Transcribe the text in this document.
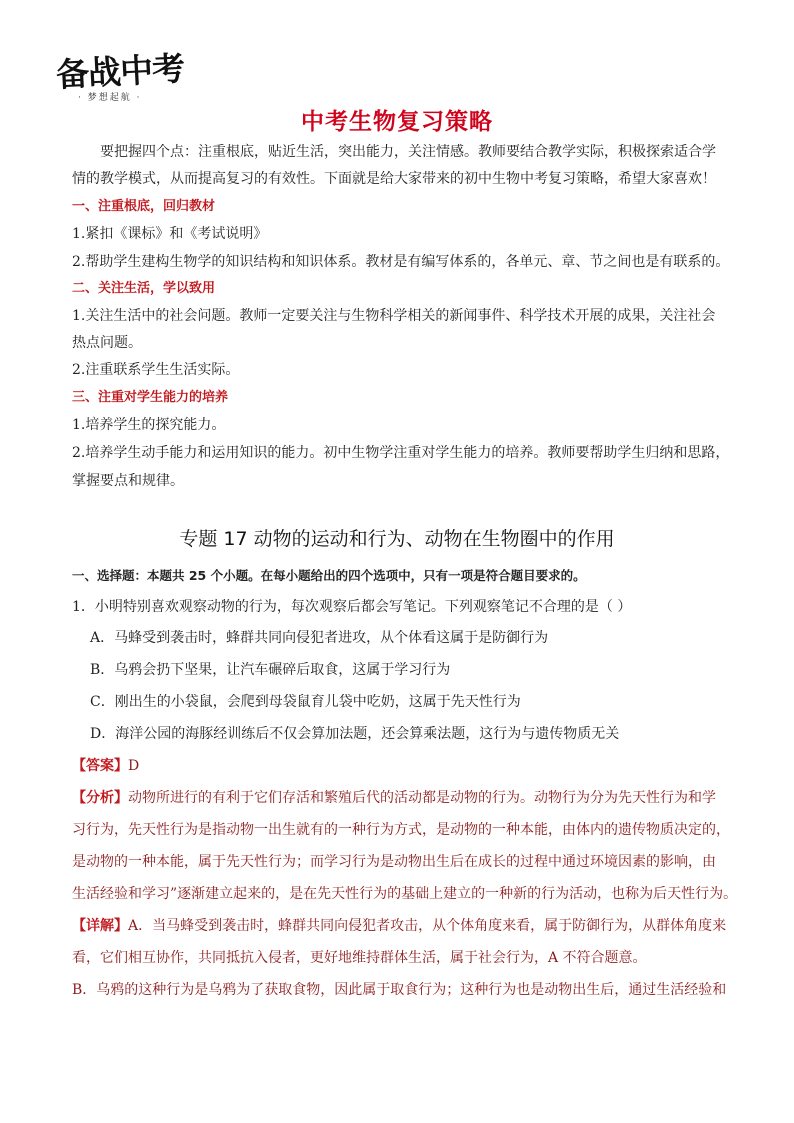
备战中考
· 梦想起航 ·
中考生物复习策略
要把握四个点：注重根底，贴近生活，突出能力，关注情感。教师要结合教学实际，积极探索适合学
情的教学模式，从而提高复习的有效性。下面就是给大家带来的初中生物中考复习策略，希望大家喜欢！
一、注重根底，回归教材
1.紧扣《课标》和《考试说明》
2.帮助学生建构生物学的知识结构和知识体系。教材是有编写体系的，各单元、章、节之间也是有联系的。
二、关注生活，学以致用
1.关注生活中的社会问题。教师一定要关注与生物科学相关的新闻事件、科学技术开展的成果，关注社会
热点问题。
2.注重联系学生生活实际。
三、注重对学生能力的培养
1.培养学生的探究能力。
2.培养学生动手能力和运用知识的能力。初中生物学注重对学生能力的培养。教师要帮助学生归纳和思路，
掌握要点和规律。
专题 17 动物的运动和行为、动物在生物圈中的作用
一、选择题：本题共 25 个小题。在每小题给出的四个选项中，只有一项是符合题目要求的。
1．小明特别喜欢观察动物的行为，每次观察后都会写笔记。下列观察笔记不合理的是（ ）
A．马蜂受到袭击时，蜂群共同向侵犯者进攻，从个体看这属于是防御行为
B．乌鸦会扔下坚果，让汽车碾碎后取食，这属于学习行为
C．刚出生的小袋鼠，会爬到母袋鼠育儿袋中吃奶，这属于先天性行为
D．海洋公园的海豚经训练后不仅会算加法题，还会算乘法题，这行为与遗传物质无关
【答案】D
【分析】动物所进行的有利于它们存活和繁殖后代的活动都是动物的行为。动物行为分为先天性行为和学
习行为，先天性行为是指动物一出生就有的一种行为方式，是动物的一种本能，由体内的遗传物质决定的，
是动物的一种本能，属于先天性行为；而学习行为是动物出生后在成长的过程中通过环境因素的影响，由
生活经验和学习”逐渐建立起来的，是在先天性行为的基础上建立的一种新的行为活动，也称为后天性行为。
【详解】A．当马蜂受到袭击时，蜂群共同向侵犯者攻击，从个体角度来看，属于防御行为，从群体角度来
看，它们相互协作，共同抵抗入侵者，更好地维持群体生活，属于社会行为，A 不符合题意。
B．乌鸦的这种行为是乌鸦为了获取食物，因此属于取食行为；这种行为也是动物出生后，通过生活经验和
